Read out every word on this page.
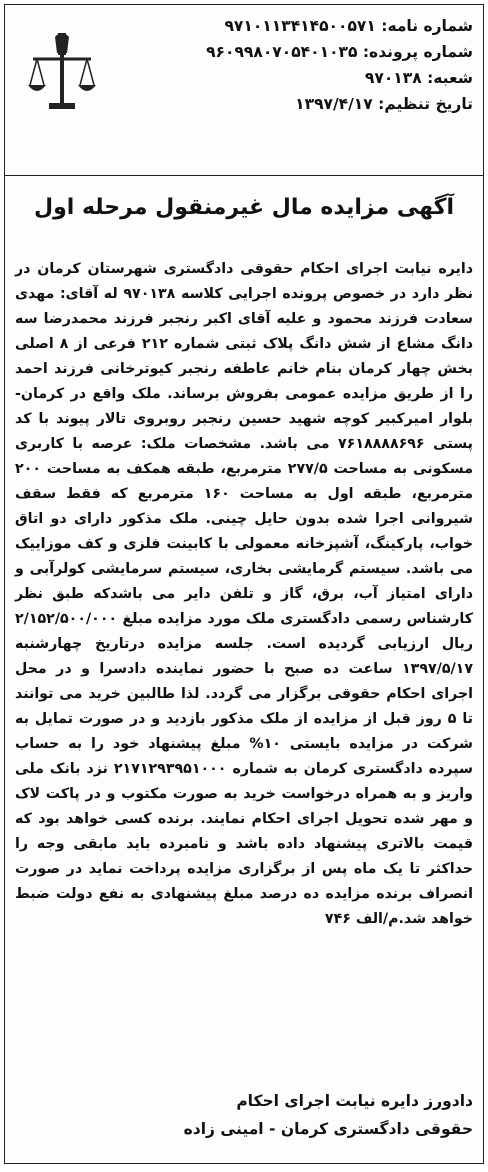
شماره نامه: ۹۷۱۰۱۱۳۴۱۴۵۰۰۵۷۱
شماره پرونده: ۹۶۰۹۹۸۰۷۰۵۴۰۱۰۳۵
شعبه: ۹۷۰۱۳۸
تاریخ تنظیم: ۱۳۹۷/۴/۱۷
آگهی مزایده مال غیرمنقول مرحله اول
دایره نیابت اجرای احکام حقوقی دادگستری شهرستان کرمان در نظر دارد در خصوص پرونده اجرایی کلاسه ۹۷۰۱۳۸ له آقای: مهدی سعادت فرزند محمود و علیه آقای اکبر رنجبر فرزند محمدرضا سه دانگ مشاع از شش دانگ پلاک ثبتی شماره ۲۱۲ فرعی از ۸ اصلی بخش چهار کرمان بنام خانم عاطفه رنجبر کیوترخانی فرزند احمد را از طریق مزایده عمومی بفروش برساند. ملک واقع در کرمان- بلوار امیرکبیر کوچه شهید حسین رنجبر روبروی تالار پیوند با کد پستی ۷۶۱۸۸۸۸۶۹۶ می باشد. مشخصات ملک: عرصه با کاربری مسکونی به مساحت ۲۷۷/۵ مترمربع، طبقه همکف به مساحت ۲۰۰ مترمربع، طبقه اول به مساحت ۱۶۰ مترمربع که فقط سقف شیروانی اجرا شده بدون حایل چینی. ملک مذکور دارای دو اتاق خواب، پارکینگ، آشپزخانه معمولی با کابینت فلزی و کف موزاییک می باشد. سیستم گرمایشی بخاری، سیستم سرمایشی کولرآبی و دارای امتیاز آب، برق، گاز و تلفن دایر می باشدکه طبق نظر کارشناس رسمی دادگستری ملک مورد مزایده مبلغ ۲/۱۵۲/۵۰۰/۰۰۰ ریال ارزیابی گردیده است. جلسه مزایده درتاریخ چهارشنبه ۱۳۹۷/۵/۱۷ ساعت ده صبح با حضور نماینده دادسرا و در محل اجرای احکام حقوقی برگزار می گردد. لذا طالبین خرید می توانند تا ۵ روز قبل از مزایده از ملک مذکور بازدید و در صورت تمایل به شرکت در مزایده بایستی ۱۰% مبلغ پیشنهاد خود را به حساب سپرده دادگستری کرمان به شماره ۲۱۷۱۲۹۳۹۵۱۰۰۰ نزد بانک ملی واریز و به همراه درخواست خرید به صورت مکتوب و در پاکت لاک و مهر شده تحویل اجرای احکام نمایند. برنده کسی خواهد بود که قیمت بالاتری پیشنهاد داده باشد و نامبرده باید مابقی وجه را حداکثر تا یک ماه پس از برگزاری مزایده پرداخت نماید در صورت انصراف برنده مزایده ده درصد مبلغ پیشنهادی به نفع دولت ضبط خواهد شد.م/الف ۷۴۶
دادورز دایره نیابت اجرای احکام
حقوقی دادگستری کرمان - امینی زاده
